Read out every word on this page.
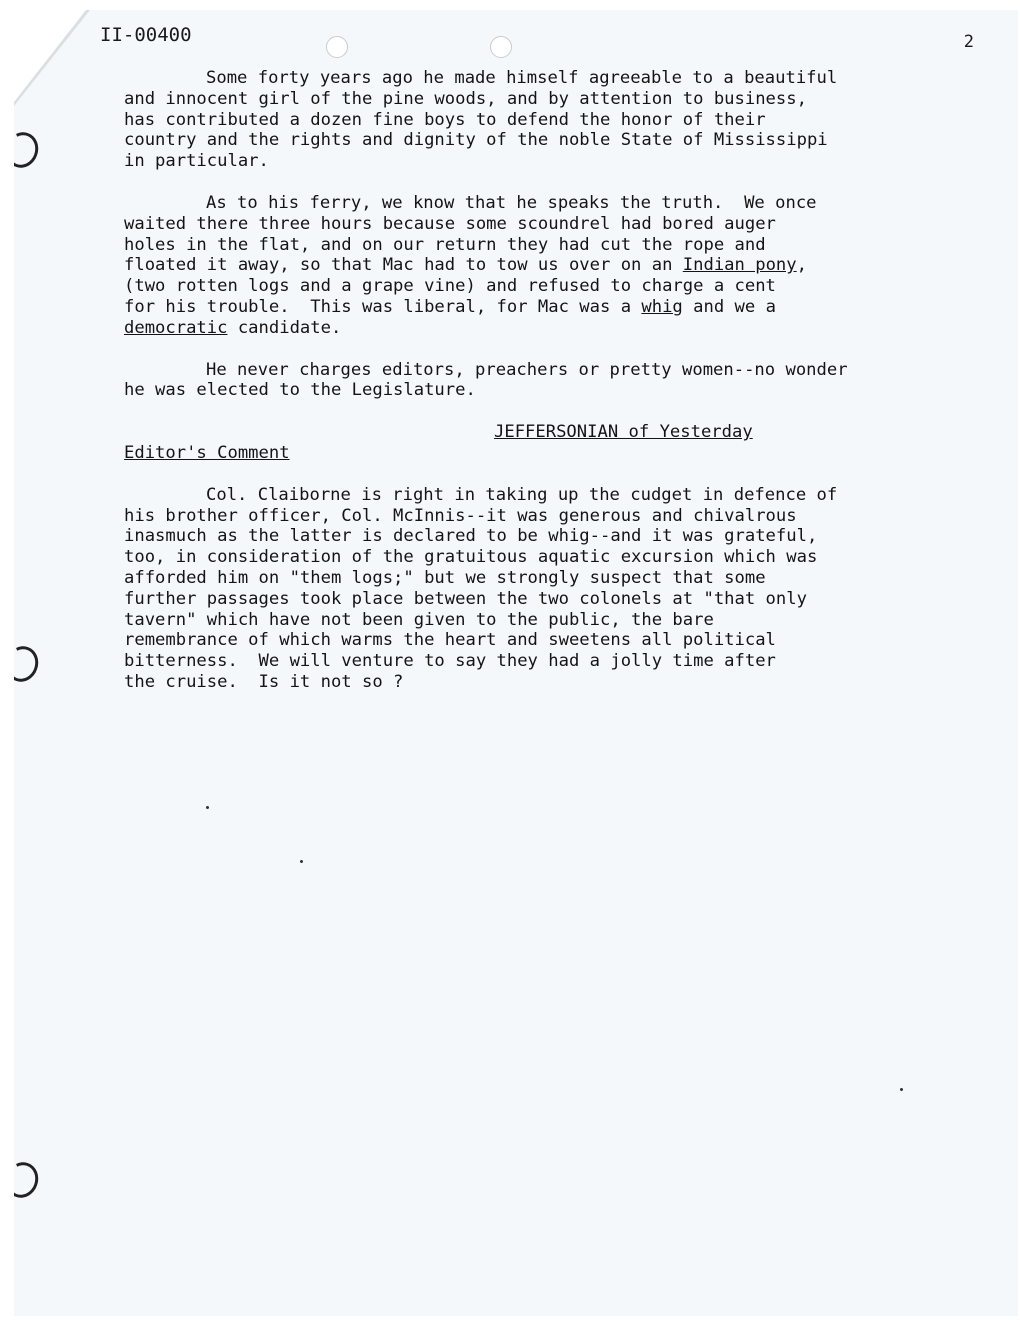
II-00400	2

Some forty years ago he made himself agreeable to a beautiful
and innocent girl of the pine woods, and by attention to business,
has contributed a dozen fine boys to defend the honor of their
country and the rights and dignity of the noble State of Mississippi
in particular.

As to his ferry, we know that he speaks the truth.  We once
waited there three hours because some scoundrel had bored auger
holes in the flat, and on our return they had cut the rope and
floated it away, so that Mac had to tow us over on an Indian pony,
(two rotten logs and a grape vine) and refused to charge a cent
for his trouble.  This was liberal, for Mac was a whig and we a
democratic candidate.

He never charges editors, preachers or pretty women--no wonder
he was elected to the Legislature.

JEFFERSONIAN of Yesterday

Editor's Comment

Col. Claiborne is right in taking up the cudget in defence of
his brother officer, Col. McInnis--it was generous and chivalrous
inasmuch as the latter is declared to be whig--and it was grateful,
too, in consideration of the gratuitous aquatic excursion which was
afforded him on "them logs;" but we strongly suspect that some
further passages took place between the two colonels at "that only
tavern" which have not been given to the public, the bare
remembrance of which warms the heart and sweetens all political
bitterness.  We will venture to say they had a jolly time after
the cruise.  Is it not so ?
